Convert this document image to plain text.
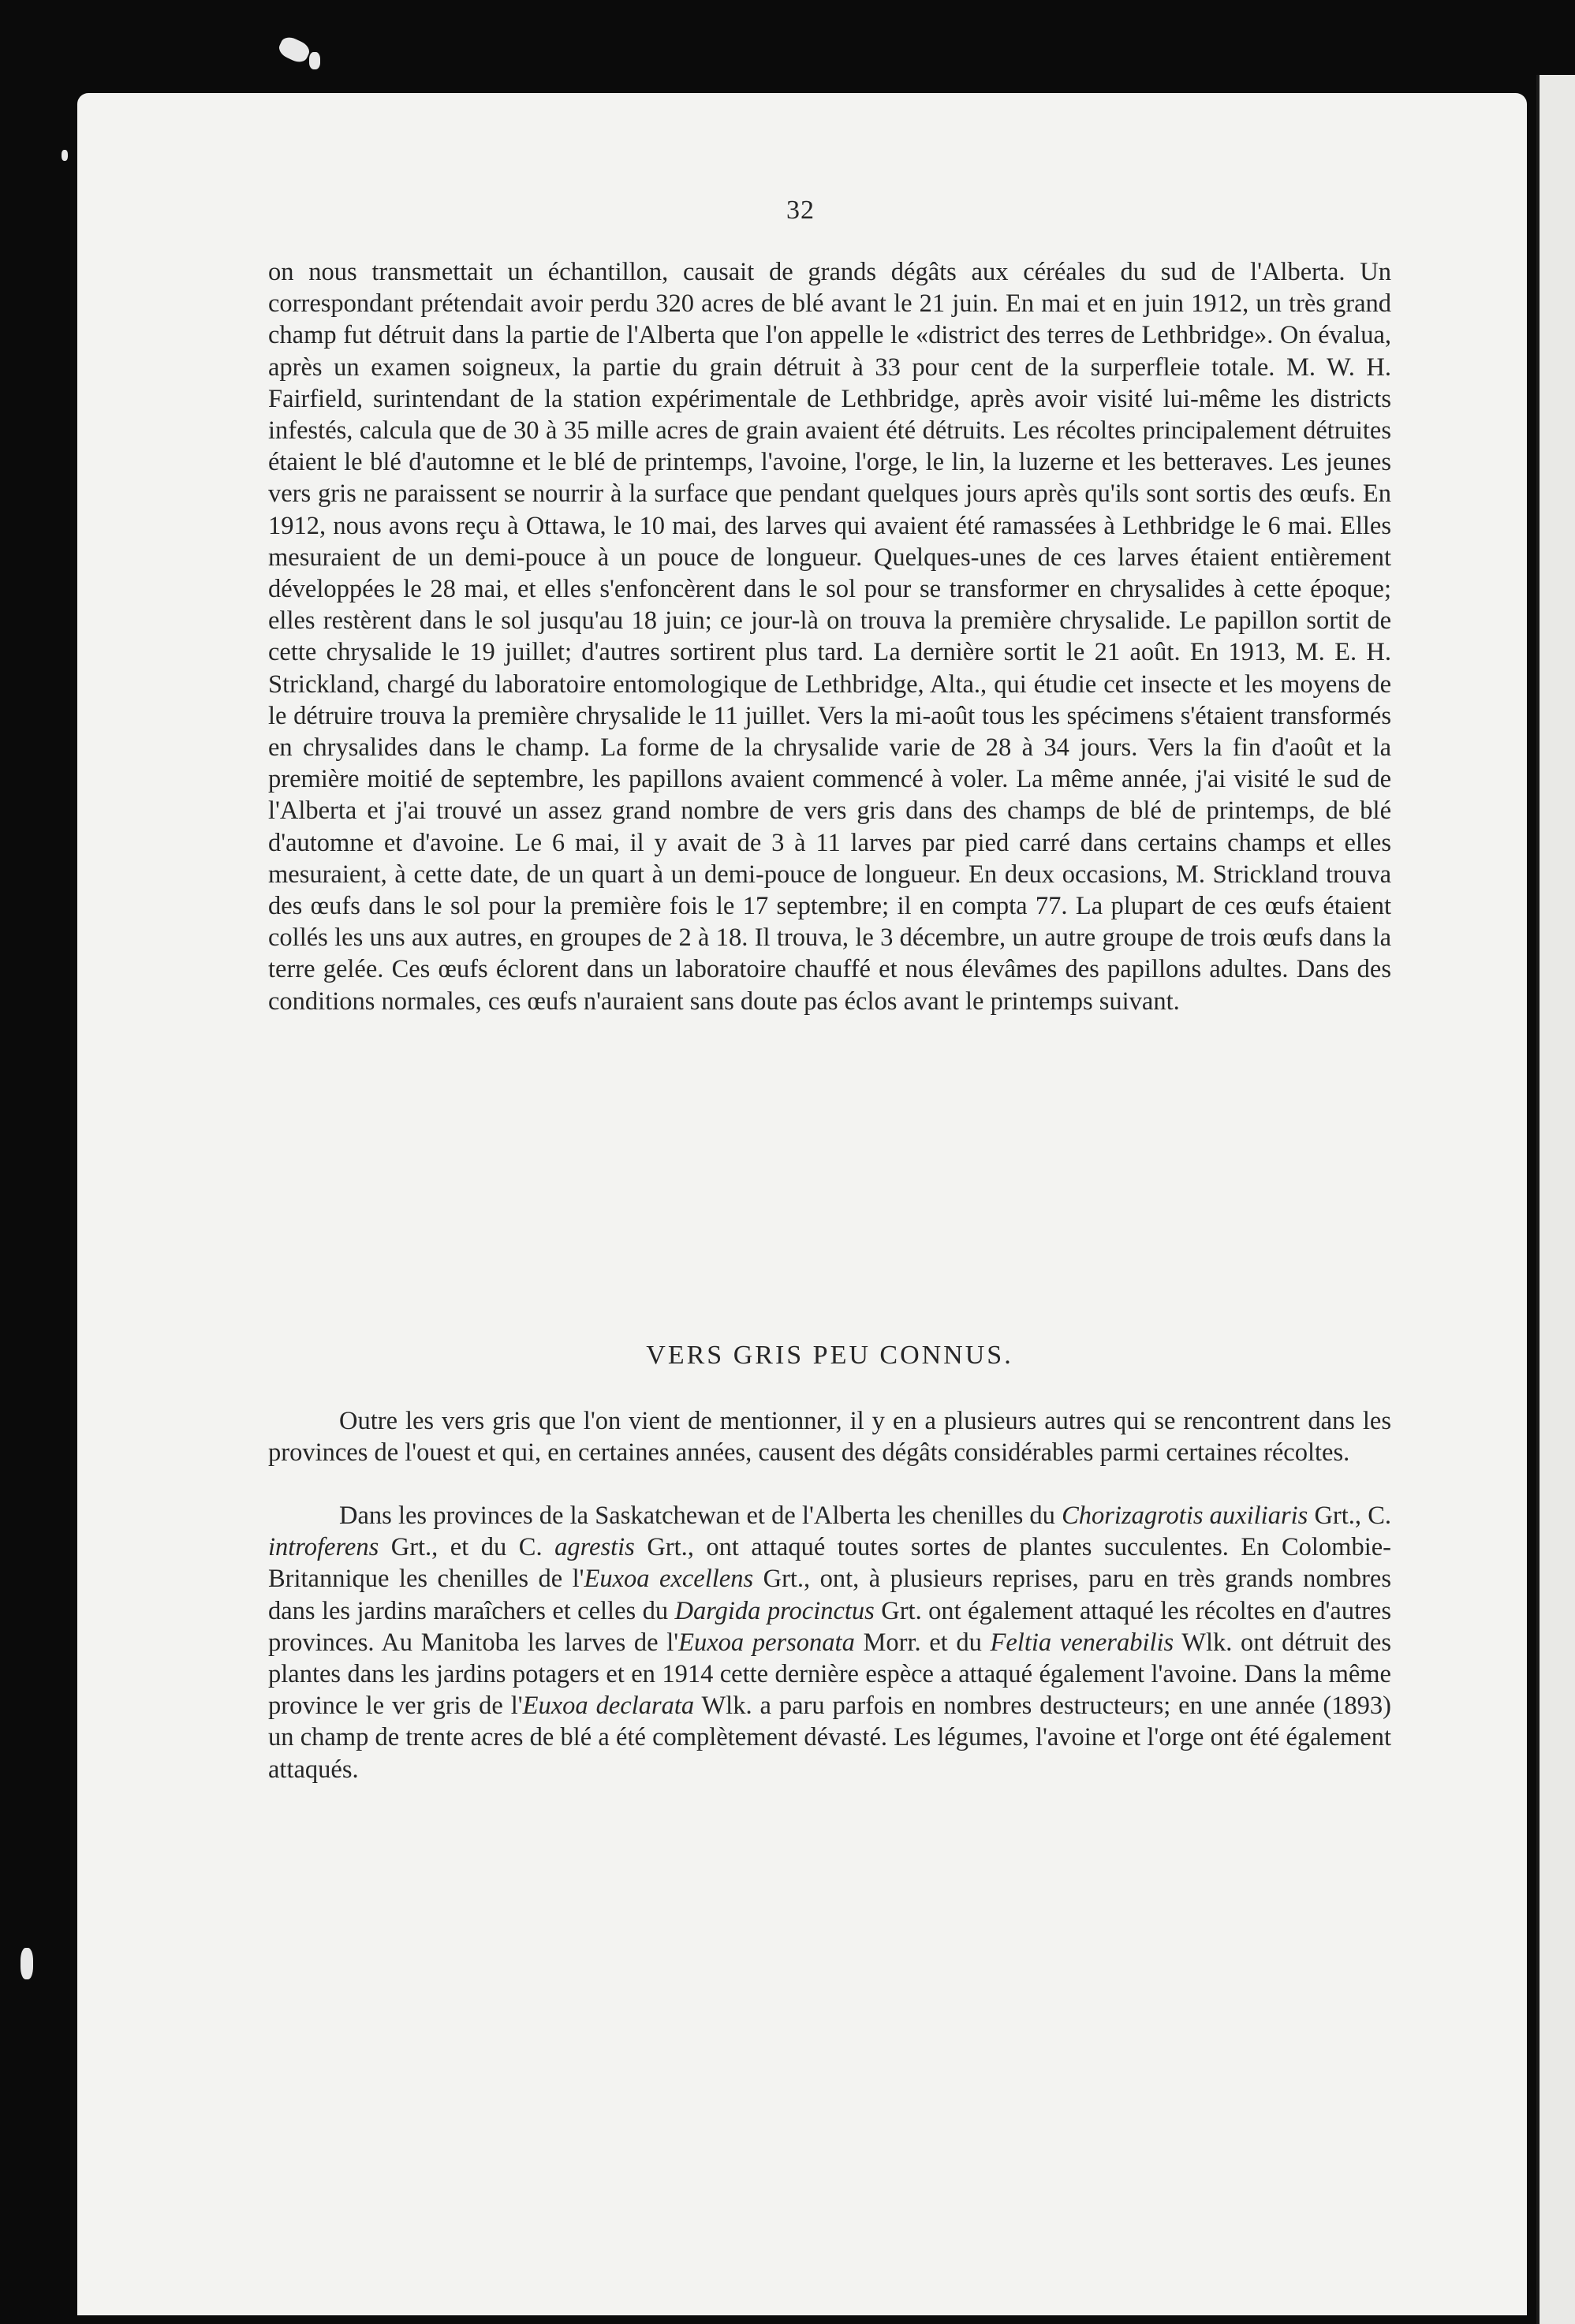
32

on nous transmettait un échantillon, causait de grands dégâts aux céréales du sud de l'Alberta. Un correspondant prétendait avoir perdu 320 acres de blé avant le 21 juin. En mai et en juin 1912, un très grand champ fut détruit dans la partie de l'Alberta que l'on appelle le «district des terres de Lethbridge». On évalua, après un examen soigneux, la partie du grain détruit à 33 pour cent de la surperfleie totale. M. W. H. Fairfield, surintendant de la station expérimentale de Lethbridge, après avoir visité lui-même les districts infestés, calcula que de 30 à 35 mille acres de grain avaient été détruits. Les récoltes principalement détruites étaient le blé d'automne et le blé de printemps, l'avoine, l'orge, le lin, la luzerne et les betteraves. Les jeunes vers gris ne paraissent se nourrir à la surface que pendant quelques jours après qu'ils sont sortis des œufs. En 1912, nous avons reçu à Ottawa, le 10 mai, des larves qui avaient été ramassées à Lethbridge le 6 mai. Elles mesuraient de un demi-pouce à un pouce de longueur. Quelques-unes de ces larves étaient entièrement développées le 28 mai, et elles s'enfoncèrent dans le sol pour se transformer en chrysalides à cette époque; elles restèrent dans le sol jusqu'au 18 juin; ce jour-là on trouva la première chrysalide. Le papillon sortit de cette chrysalide le 19 juillet; d'autres sortirent plus tard. La dernière sortit le 21 août. En 1913, M. E. H. Strickland, chargé du laboratoire entomologique de Lethbridge, Alta., qui étudie cet insecte et les moyens de le détruire trouva la première chrysalide le 11 juillet. Vers la mi-août tous les spécimens s'étaient transformés en chrysalides dans le champ. La forme de la chrysalide varie de 28 à 34 jours. Vers la fin d'août et la première moitié de septembre, les papillons avaient commencé à voler. La même année, j'ai visité le sud de l'Alberta et j'ai trouvé un assez grand nombre de vers gris dans des champs de blé de printemps, de blé d'automne et d'avoine. Le 6 mai, il y avait de 3 à 11 larves par pied carré dans certains champs et elles mesuraient, à cette date, de un quart à un demi-pouce de longueur. En deux occasions, M. Strickland trouva des œufs dans le sol pour la première fois le 17 septembre; il en compta 77. La plupart de ces œufs étaient collés les uns aux autres, en groupes de 2 à 18. Il trouva, le 3 décembre, un autre groupe de trois œufs dans la terre gelée. Ces œufs éclorent dans un laboratoire chauffé et nous élevâmes des papillons adultes. Dans des conditions normales, ces œufs n'auraient sans doute pas éclos avant le printemps suivant.

VERS GRIS PEU CONNUS.

Outre les vers gris que l'on vient de mentionner, il y en a plusieurs autres qui se rencontrent dans les provinces de l'ouest et qui, en certaines années, causent des dégâts considérables parmi certaines récoltes.

Dans les provinces de la Saskatchewan et de l'Alberta les chenilles du Chorizagrotis auxiliaris Grt., C. introferens Grt., et du C. agrestis Grt., ont attaqué toutes sortes de plantes succulentes. En Colombie-Britannique les chenilles de l'Euxoa excellens Grt., ont, à plusieurs reprises, paru en très grands nombres dans les jardins maraîchers et celles du Dargida procinctus Grt. ont également attaqué les récoltes en d'autres provinces. Au Manitoba les larves de l'Euxoa personata Morr. et du Feltia venerabilis Wlk. ont détruit des plantes dans les jardins potagers et en 1914 cette dernière espèce a attaqué également l'avoine. Dans la même province le ver gris de l'Euxoa declarata Wlk. a paru parfois en nombres destructeurs; en une année (1893) un champ de trente acres de blé a été complètement dévasté. Les légumes, l'avoine et l'orge ont été également attaqués.
